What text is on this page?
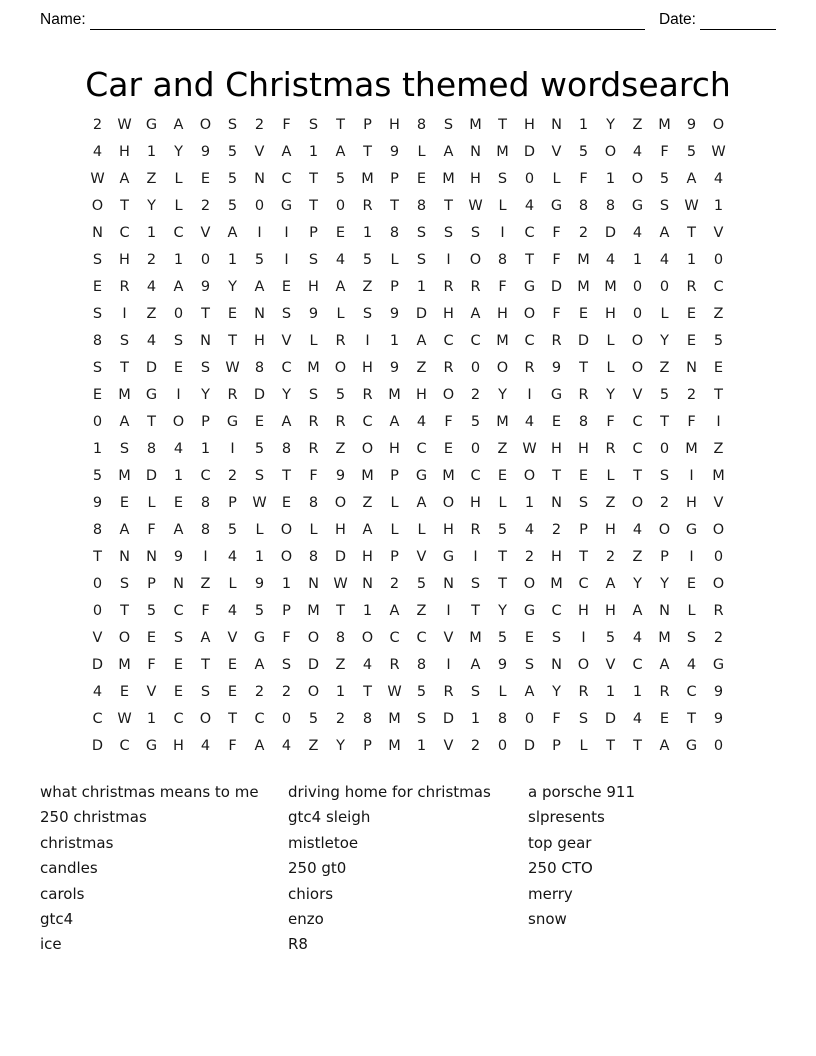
Name:	Date:
Car and Christmas themed wordsearch
2	W	G	A	O	S	2	F	S	T	P	H	8	S	M	T	H	N	1	Y	Z	M	9	O
4	H	1	Y	9	5	V	A	1	A	T	9	L	A	N	M	D	V	5	O	4	F	5	W
W	A	Z	L	E	5	N	C	T	5	M	P	E	M	H	S	0	L	F	1	O	5	A	4
O	T	Y	L	2	5	0	G	T	0	R	T	8	T	W	L	4	G	8	8	G	S	W	1
N	C	1	C	V	A	I	I	P	E	1	8	S	S	S	I	C	F	2	D	4	A	T	V
S	H	2	1	0	1	5	I	S	4	5	L	S	I	O	8	T	F	M	4	1	4	1	0
E	R	4	A	9	Y	A	E	H	A	Z	P	1	R	R	F	G	D	M	M	0	0	R	C
S	I	Z	0	T	E	N	S	9	L	S	9	D	H	A	H	O	F	E	H	0	L	E	Z
8	S	4	S	N	T	H	V	L	R	I	1	A	C	C	M	C	R	D	L	O	Y	E	5
S	T	D	E	S	W	8	C	M	O	H	9	Z	R	0	O	R	9	T	L	O	Z	N	E
E	M	G	I	Y	R	D	Y	S	5	R	M	H	O	2	Y	I	G	R	Y	V	5	2	T
0	A	T	O	P	G	E	A	R	R	C	A	4	F	5	M	4	E	8	F	C	T	F	I
1	S	8	4	1	I	5	8	R	Z	O	H	C	E	0	Z	W	H	H	R	C	0	M	Z
5	M	D	1	C	2	S	T	F	9	M	P	G	M	C	E	O	T	E	L	T	S	I	M
9	E	L	E	8	P	W	E	8	O	Z	L	A	O	H	L	1	N	S	Z	O	2	H	V
8	A	F	A	8	5	L	O	L	H	A	L	L	H	R	5	4	2	P	H	4	O	G	O
T	N	N	9	I	4	1	O	8	D	H	P	V	G	I	T	2	H	T	2	Z	P	I	0
0	S	P	N	Z	L	9	1	N	W	N	2	5	N	S	T	O	M	C	A	Y	Y	E	O
0	T	5	C	F	4	5	P	M	T	1	A	Z	I	T	Y	G	C	H	H	A	N	L	R
V	O	E	S	A	V	G	F	O	8	O	C	C	V	M	5	E	S	I	5	4	M	S	2
D	M	F	E	T	E	A	S	D	Z	4	R	8	I	A	9	S	N	O	V	C	A	4	G
4	E	V	E	S	E	2	2	O	1	T	W	5	R	S	L	A	Y	R	1	1	R	C	9
C	W	1	C	O	T	C	0	5	2	8	M	S	D	1	8	0	F	S	D	4	E	T	9
D	C	G	H	4	F	A	4	Z	Y	P	M	1	V	2	0	D	P	L	T	T	A	G	0
what christmas means to me
250 christmas
christmas
candles
carols
gtc4
ice
driving home for christmas
gtc4 sleigh
mistletoe
250 gt0
chiors
enzo
R8
a porsche 911
slpresents
top gear
250 CTO
merry
snow
